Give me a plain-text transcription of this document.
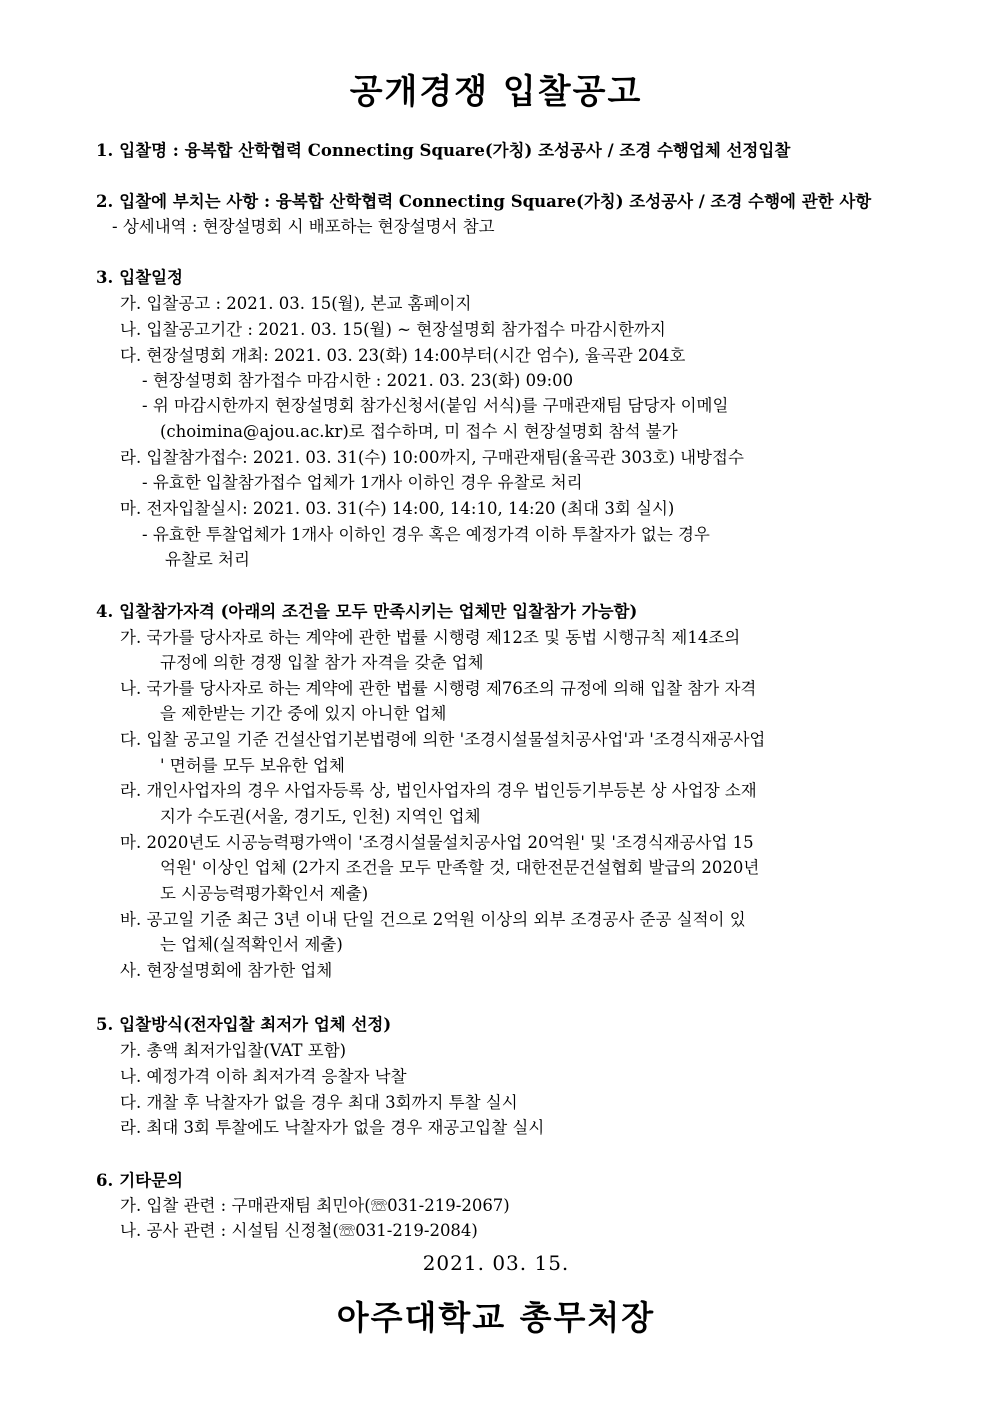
공개경쟁 입찰공고
1. 입찰명 : 융복합 산학협력 Connecting Square(가칭) 조성공사 / 조경 수행업체 선정입찰
2. 입찰에 부치는 사항 : 융복합 산학협력 Connecting Square(가칭) 조성공사 / 조경 수행에 관한 사항
- 상세내역 : 현장설명회 시 배포하는 현장설명서 참고
3. 입찰일정
가. 입찰공고 : 2021. 03. 15(월), 본교 홈페이지
나. 입찰공고기간 : 2021. 03. 15(월) ~ 현장설명회 참가접수 마감시한까지
다. 현장설명회 개최: 2021. 03. 23(화) 14:00부터(시간 엄수), 율곡관 204호
- 현장설명회 참가접수 마감시한 : 2021. 03. 23(화) 09:00
- 위 마감시한까지 현장설명회 참가신청서(붙임 서식)를 구매관재팀 담당자 이메일
(choimina@ajou.ac.kr)로 접수하며, 미 접수 시 현장설명회 참석 불가
라. 입찰참가접수: 2021. 03. 31(수) 10:00까지, 구매관재팀(율곡관 303호) 내방접수
- 유효한 입찰참가접수 업체가 1개사 이하인 경우 유찰로 처리
마. 전자입찰실시: 2021. 03. 31(수) 14:00, 14:10, 14:20 (최대 3회 실시)
- 유효한 투찰업체가 1개사 이하인 경우 혹은 예정가격 이하 투찰자가 없는 경우
유찰로 처리
4. 입찰참가자격 (아래의 조건을 모두 만족시키는 업체만 입찰참가 가능함)
가. 국가를 당사자로 하는 계약에 관한 법률 시행령 제12조 및 동법 시행규칙 제14조의
규정에 의한 경쟁 입찰 참가 자격을 갖춘 업체
나. 국가를 당사자로 하는 계약에 관한 법률 시행령 제76조의 규정에 의해 입찰 참가 자격
을 제한받는 기간 중에 있지 아니한 업체
다. 입찰 공고일 기준 건설산업기본법령에 의한 '조경시설물설치공사업'과 '조경식재공사업
' 면허를 모두 보유한 업체
라. 개인사업자의 경우 사업자등록 상, 법인사업자의 경우 법인등기부등본 상 사업장 소재
지가 수도권(서울, 경기도, 인천) 지역인 업체
마. 2020년도 시공능력평가액이 '조경시설물설치공사업 20억원' 및 '조경식재공사업 15
억원' 이상인 업체 (2가지 조건을 모두 만족할 것, 대한전문건설협회 발급의 2020년
도 시공능력평가확인서 제출)
바. 공고일 기준 최근 3년 이내 단일 건으로 2억원 이상의 외부 조경공사 준공 실적이 있
는 업체(실적확인서 제출)
사. 현장설명회에 참가한 업체
5. 입찰방식(전자입찰 최저가 업체 선정)
가. 총액 최저가입찰(VAT 포함)
나. 예정가격 이하 최저가격 응찰자 낙찰
다. 개찰 후 낙찰자가 없을 경우 최대 3회까지 투찰 실시
라. 최대 3회 투찰에도 낙찰자가 없을 경우 재공고입찰 실시
6. 기타문의
가. 입찰 관련 : 구매관재팀 최민아(☏031-219-2067)
나. 공사 관련 : 시설팀 신정철(☏031-219-2084)
2021. 03. 15.
아주대학교 총무처장
